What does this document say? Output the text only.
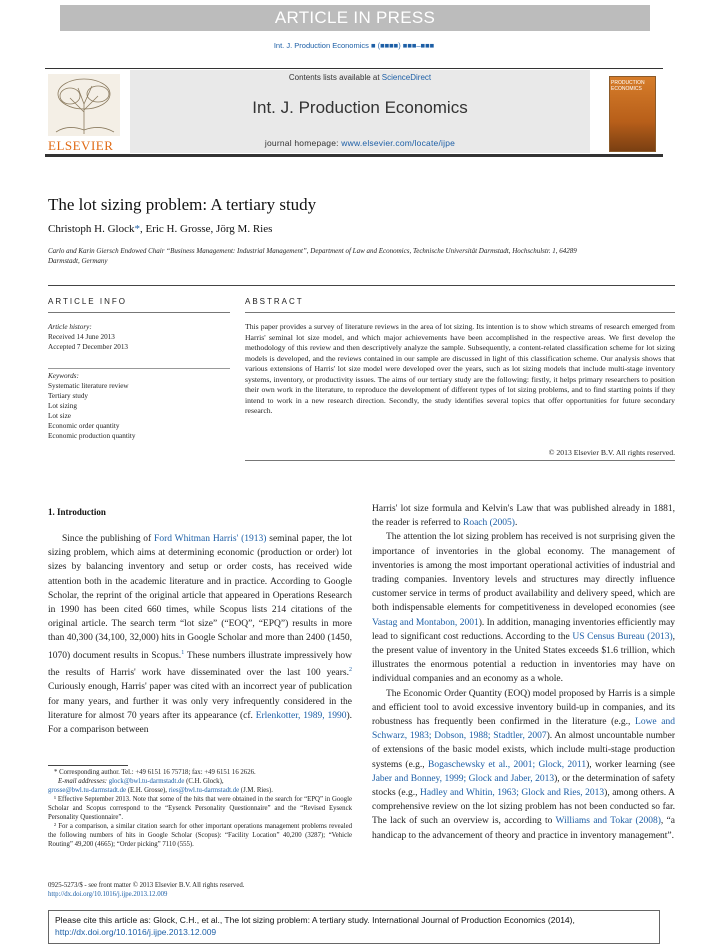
ARTICLE IN PRESS
Int. J. Production Economics ■ (■■■■) ■■■–■■■
ELSEVIER
Contents lists available at ScienceDirect
Int. J. Production Economics
journal homepage: www.elsevier.com/locate/ijpe
PRODUCTION ECONOMICS
The lot sizing problem: A tertiary study
Christoph H. Glock*, Eric H. Grosse, Jörg M. Ries
Carlo and Karin Giersch Endowed Chair “Business Management: Industrial Management”, Department of Law and Economics, Technische Universität Darmstadt, Hochschulstr. 1, 64289 Darmstadt, Germany
ARTICLE INFO
Article history:
Received 14 June 2013
Accepted 7 December 2013
Keywords:
Systematic literature review
Tertiary study
Lot sizing
Lot size
Economic order quantity
Economic production quantity
ABSTRACT
This paper provides a survey of literature reviews in the area of lot sizing. Its intention is to show which streams of research emerged from Harris' seminal lot size model, and which major achievements have been accomplished in the respective areas. We first develop the methodology of this review and then descriptively analyze the sample. Subsequently, a content-related classification scheme for lot sizing models is developed, and the reviews contained in our sample are discussed in light of this classification scheme. Our analysis shows that various extensions of Harris' lot size model were developed over the years, such as lot sizing models that include multi-stage inventory systems, inventory, or productivity issues. The aims of our tertiary study are the following: firstly, it helps primary researchers to position their own work in the literature, to reproduce the development of different types of lot sizing problems, and to find starting points if they intend to work in a new research direction. Secondly, the study identifies several topics that offer opportunities for future secondary research.
© 2013 Elsevier B.V. All rights reserved.
1. Introduction
Since the publishing of Ford Whitman Harris' (1913) seminal paper, the lot sizing problem, which aims at determining economic (production or order) lot sizes by balancing inventory and setup or order costs, has received wide attention both in the academic literature and in practice. According to Google Scholar, the reprint of the original article that appeared in Operations Research in 1990 has been cited 660 times, while Scopus lists 214 citations of the original article. The search term “lot size” (“EOQ”, “EPQ”) results in more than 40,300 (34,100, 32,000) hits in Google Scholar and more than 2400 (1450, 1070) document results in Scopus.$^1$ These numbers illustrate impressively how the results of Harris' work have disseminated over the last 100 years.$^2$ Curiously enough, Harris' paper was cited with an incorrect year of publication for many years, and further it was only very infrequently considered in the literature for almost 70 years after its appearance (cf. Erlenkotter, 1989, 1990). For a comparison between

Harris' lot size formula and Kelvin's Law that was published already in 1881, the reader is referred to Roach (2005).

The attention the lot sizing problem has received is not surprising given the importance of inventories in the global economy. The management of inventories is among the most important operational activities of industrial and trading companies. Inventory levels and structures may directly influence customer service in terms of product availability and delivery speed, which are both indispensable elements for competitiveness in developed economies (see Vastag and Montabon, 2001). In addition, managing inventories efficiently may lead to significant cost reductions. According to the US Census Bureau (2013), the present value of inventory in the United States exceeds $1.6 trillion, which illustrates the enormous potential a reduction in inventories may have on individual companies and an economy as a whole.

The Economic Order Quantity (EOQ) model proposed by Harris is a simple and efficient tool to avoid excessive inventory build-up in companies, and its robustness has frequently been confirmed in the literature (e.g., Lowe and Schwarz, 1983; Dobson, 1988; Stadtler, 2007). An almost uncountable number of extensions of the basic model exists, which include multi-stage production systems (e.g., Bogaschewsky et al., 2001; Glock, 2011), worker learning (see Jaber and Bonney, 1999; Glock and Jaber, 2013), or the determination of safety stocks (e.g., Hadley and Whitin, 1963; Glock and Ries, 2013), among others. A comprehensive review on the lot sizing problem has not been conducted so far. The lack of such an overview is, according to Williams and Tokar (2008), “a handicap to the advancement of theory and practice in inventory management”.

* Corresponding author. Tel.: +49 6151 16 75718; fax: +49 6151 16 2626.
E-mail addresses: glock@bwl.tu-darmstadt.de (C.H. Glock),
grosse@bwl.tu-darmstadt.de (E.H. Grosse), ries@bwl.tu-darmstadt.de (J.M. Ries).
¹ Effective September 2013. Note that some of the hits that were obtained in the search for “EPQ” in Google Scholar and Scopus correspond to the “Eysenck Personality Questionnaire” and the “Revised Eysenck Personality Questionnaire”.
² For a comparison, a similar citation search for other important operations management problems revealed the following numbers of hits in Google Scholar (Scopus): “Facility Location” 40,200 (3287); “Vehicle Routing” 49,200 (4665); “Order picking” 7110 (555).
0925-5273/$ - see front matter © 2013 Elsevier B.V. All rights reserved.
http://dx.doi.org/10.1016/j.ijpe.2013.12.009
Please cite this article as: Glock, C.H., et al., The lot sizing problem: A tertiary study. International Journal of Production Economics (2014), http://dx.doi.org/10.1016/j.ijpe.2013.12.009
